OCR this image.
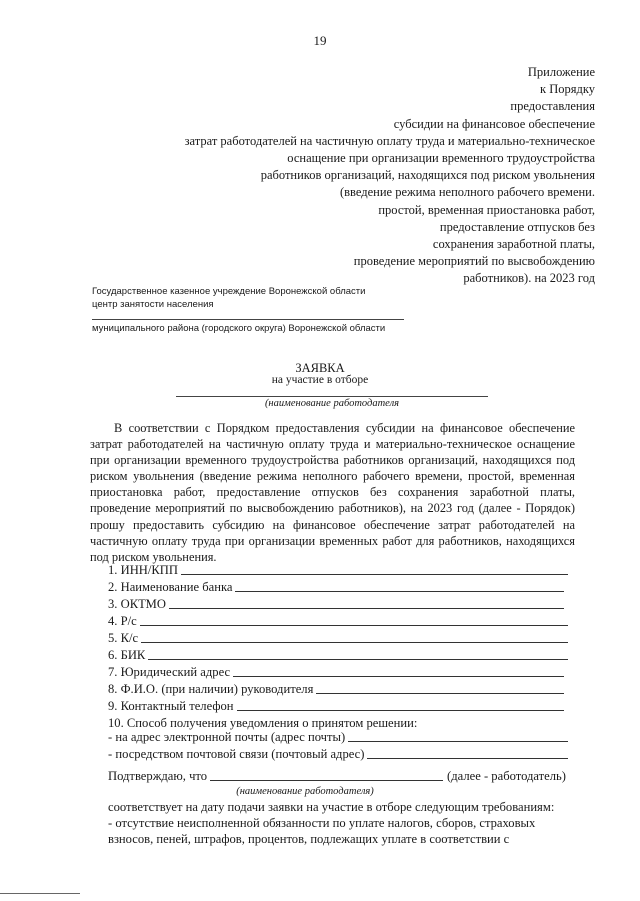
19
Приложение
к Порядку
предоставления
субсидии на финансовое обеспечение
затрат работодателей на частичную оплату труда и материально-техническое
оснащение при организации временного трудоустройства
работников организаций, находящихся под риском увольнения
(введение режима неполного рабочего времени.
простой, временная приостановка работ,
предоставление отпусков без
сохранения заработной платы,
проведение мероприятий по высвобождению
работников). на 2023 год
Государственное казенное учреждение Воронежской области
центр занятости населения
муниципального района (городского округа) Воронежской области
ЗАЯВКА
на участие в отборе
(наименование работодателя

В соответствии с Порядком предоставления субсидии на финансовое обеспечение затрат работодателей на частичную оплату труда и материально-техническое оснащение при организации временного трудоустройства работников организаций, находящихся под риском увольнения (введение режима неполного рабочего времени, простой, временная приостановка работ, предоставление отпусков без сохранения заработной платы, проведение мероприятий по высвобождению работников), на 2023 год (далее - Порядок) прошу предоставить субсидию на финансовое обеспечение затрат работодателей на частичную оплату труда при организации временных работ для работников, находящихся под риском увольнения.

1. ИНН/КПП
2. Наименование банка
3. ОКТМО
4. Р/с
5. К/с
6. БИК
7. Юридический адрес
8. Ф.И.О. (при наличии) руководителя
9. Контактный телефон
10. Способ получения уведомления о принятом решении:
- на адрес электронной почты (адрес почты)
- посредством почтовой связи (почтовый адрес)
Подтверждаю, что	(далее - работодатель)
(наименование работодателя)
соответствует на дату подачи заявки на участие в отборе следующим требованиям:
- отсутствие неисполненной обязанности по уплате налогов, сборов, страховых
взносов, пеней, штрафов, процентов, подлежащих уплате в соответствии с
